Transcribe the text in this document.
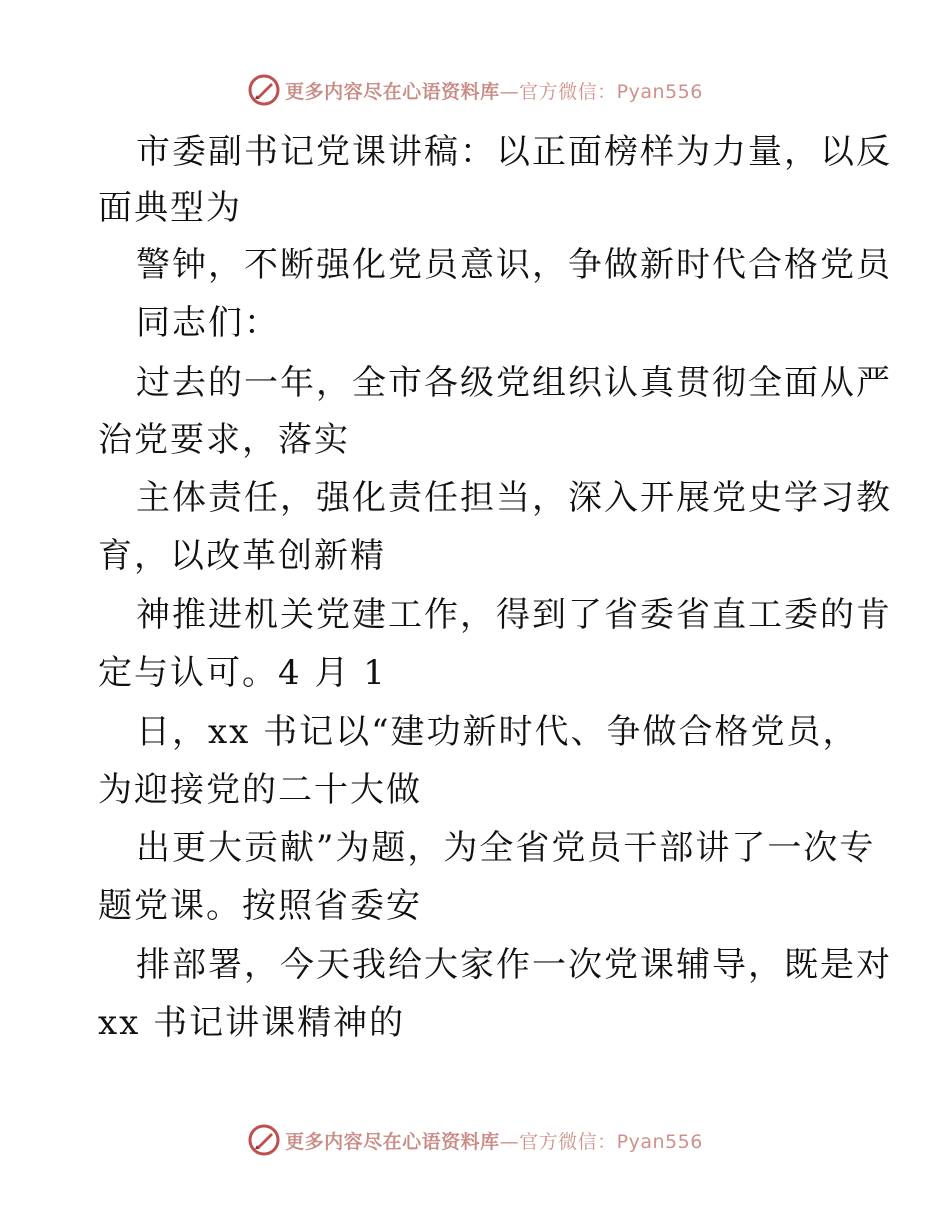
更多内容尽在心语资料库—官方微信：Pyan556
市委副书记党课讲稿：以正面榜样为力量，以反
面典型为
警钟，不断强化党员意识，争做新时代合格党员
同志们：
过去的一年，全市各级党组织认真贯彻全面从严
治党要求，落实
主体责任，强化责任担当，深入开展党史学习教
育，以改革创新精
神推进机关党建工作，得到了省委省直工委的肯
定与认可。4 月 1
日，xx 书记以“建功新时代、争做合格党员，
为迎接党的二十大做
出更大贡献”为题，为全省党员干部讲了一次专
题党课。按照省委安
排部署，今天我给大家作一次党课辅导，既是对
xx 书记讲课精神的
更多内容尽在心语资料库—官方微信：Pyan556
